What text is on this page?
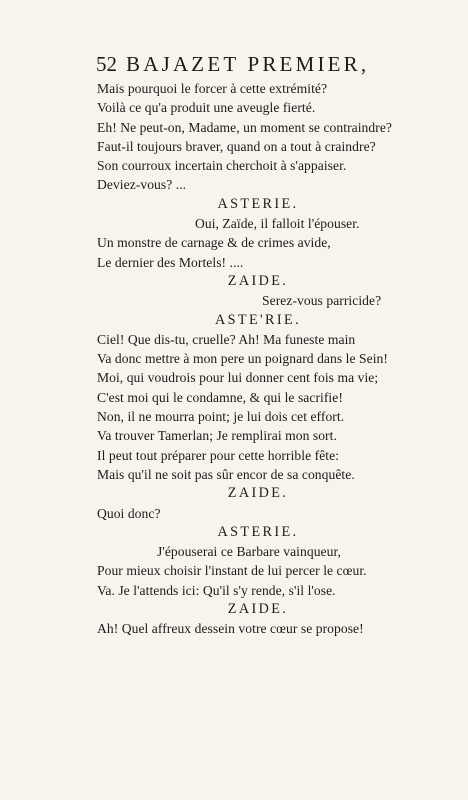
52 BAJAZET PREMIER,
Mais pourquoi le forcer à cette extrémité?
Voilà ce qu'a produit une aveugle fierté.
Eh! Ne peut-on, Madame, un moment se contraindre?
Faut-il toujours braver, quand on a tout à craindre?
Son courroux incertain cherchoit à s'appaiser.
Deviez-vous? ...
ASTERIE.
Oui, Zaïde, il falloit l'épouser.
Un monstre de carnage & de crimes avide,
Le dernier des Mortels! ....
ZAIDE.
Serez-vous parricide?
ASTE'RIE.
Ciel! Que dis-tu, cruelle? Ah! Ma funeste main
Va donc mettre à mon pere un poignard dans le Sein!
Moi, qui voudrois pour lui donner cent fois ma vie;
C'est moi qui le condamne, & qui le sacrifie!
Non, il ne mourra point; je lui dois cet effort.
Va trouver Tamerlan; Je remplirai mon sort.
Il peut tout préparer pour cette horrible fête:
Mais qu'il ne soit pas sûr encor de sa conquête.
ZAIDE.
Quoi donc?
ASTERIE.
J'épouserai ce Barbare vainqueur,
Pour mieux choisir l'instant de lui percer le cœur.
Va. Je l'attends ici: Qu'il s'y rende, s'il l'ose.
ZAIDE.
Ah! Quel affreux dessein votre cœur se propose!
